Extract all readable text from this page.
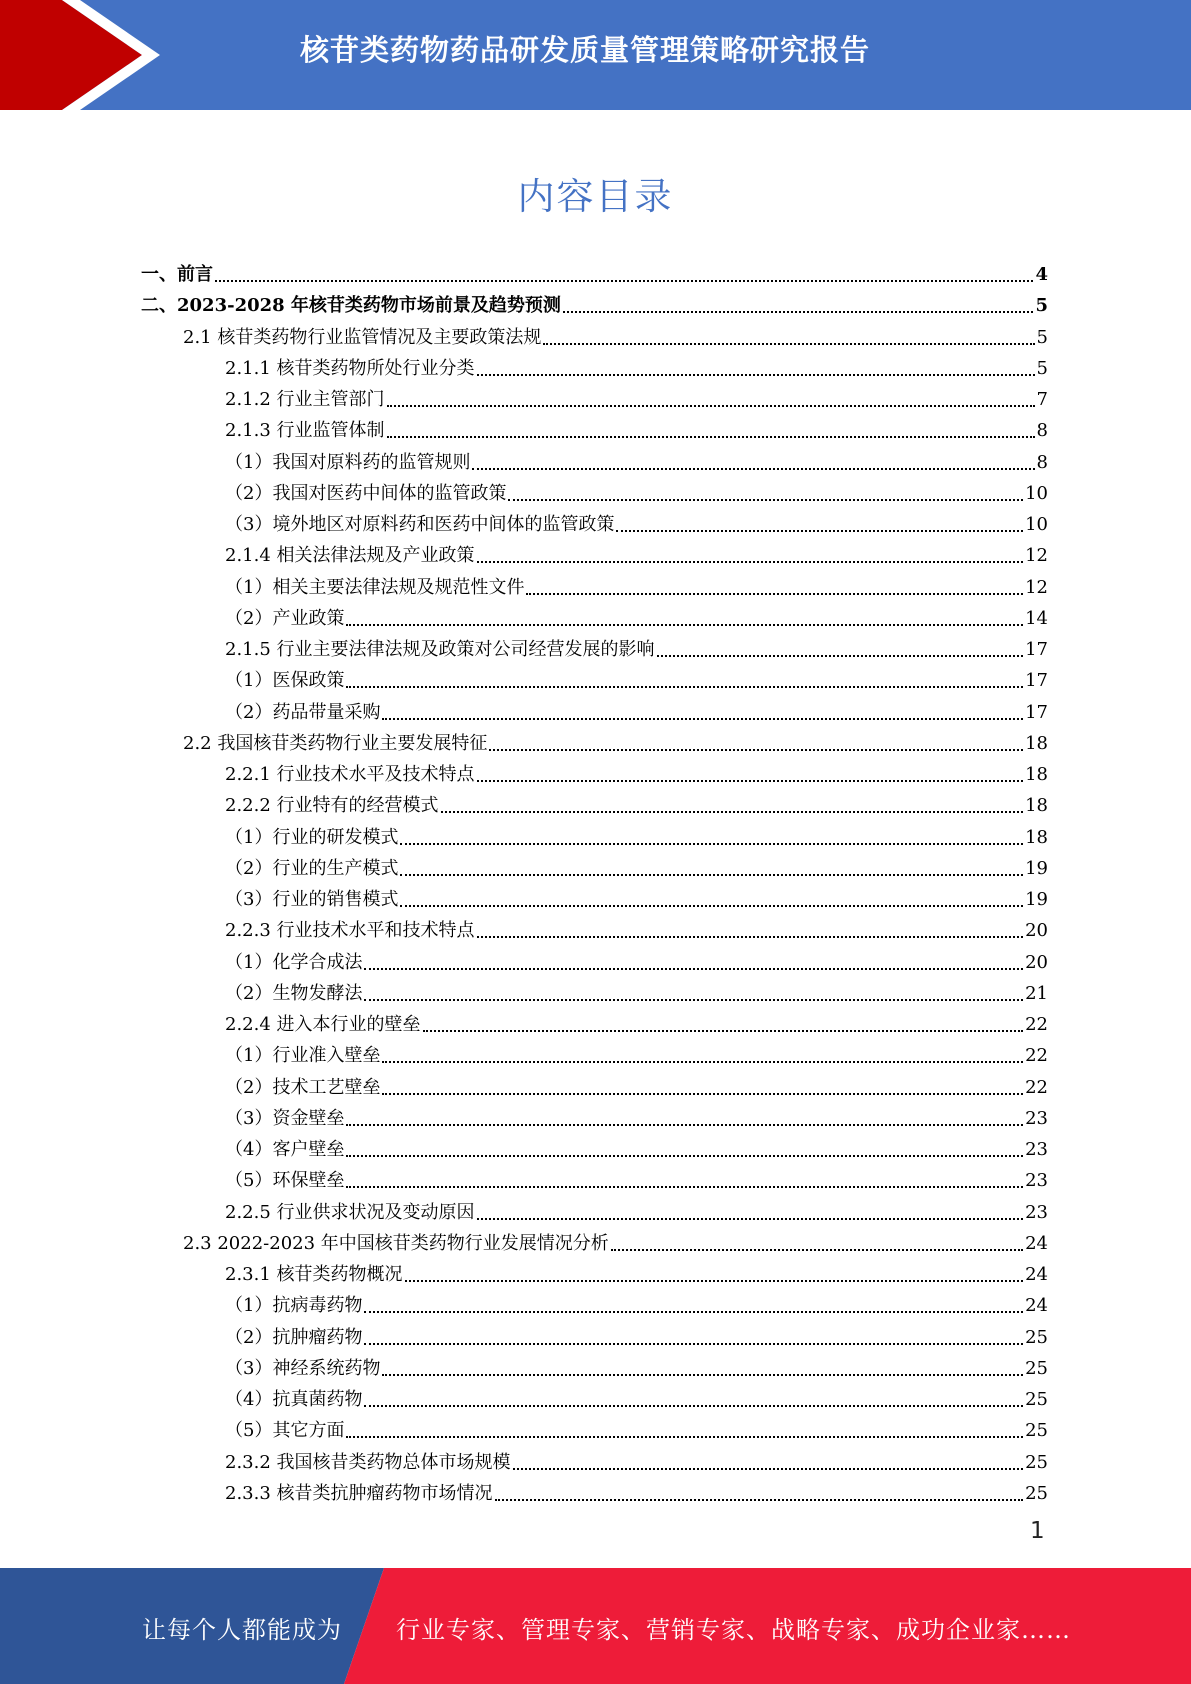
核苷类药物药品研发质量管理策略研究报告
内容目录
一、前言	4
二、2023-2028 年核苷类药物市场前景及趋势预测	5
2.1 核苷类药物行业监管情况及主要政策法规	5
2.1.1 核苷类药物所处行业分类	5
2.1.2 行业主管部门	7
2.1.3 行业监管体制	8
（1）我国对原料药的监管规则	8
（2）我国对医药中间体的监管政策	10
（3）境外地区对原料药和医药中间体的监管政策	10
2.1.4 相关法律法规及产业政策	12
（1）相关主要法律法规及规范性文件	12
（2）产业政策	14
2.1.5 行业主要法律法规及政策对公司经营发展的影响	17
（1）医保政策	17
（2）药品带量采购	17
2.2 我国核苷类药物行业主要发展特征	18
2.2.1 行业技术水平及技术特点	18
2.2.2 行业特有的经营模式	18
（1）行业的研发模式	18
（2）行业的生产模式	19
（3）行业的销售模式	19
2.2.3 行业技术水平和技术特点	20
（1）化学合成法	20
（2）生物发酵法	21
2.2.4 进入本行业的壁垒	22
（1）行业准入壁垒	22
（2）技术工艺壁垒	22
（3）资金壁垒	23
（4）客户壁垒	23
（5）环保壁垒	23
2.2.5 行业供求状况及变动原因	23
2.3 2022-2023 年中国核苷类药物行业发展情况分析	24
2.3.1 核苷类药物概况	24
（1）抗病毒药物	24
（2）抗肿瘤药物	25
（3）神经系统药物	25
（4）抗真菌药物	25
（5）其它方面	25
2.3.2 我国核昔类药物总体市场规模	25
2.3.3 核昔类抗肿瘤药物市场情况	25
1
让每个人都能成为 行业专家、管理专家、营销专家、战略专家、成功企业家……
